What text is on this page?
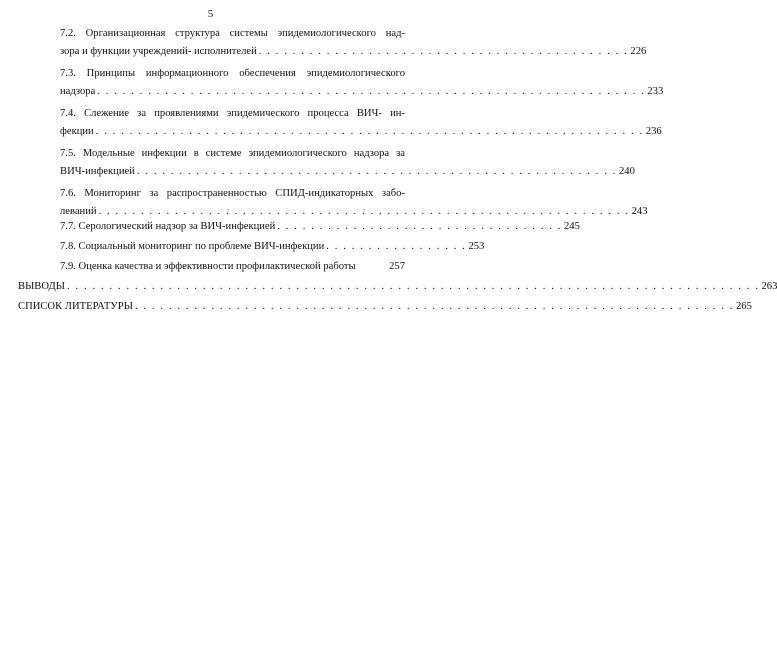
5
7.2. Организационная структура системы эпидемиологического над-
зора и функции учреждений- исполнителей . . . . . . . . . . . . . . . . . . . . . . . . . . . . . . . . . . . . . . . . . . . . 226
7.3. Принципы информационного обеспечения эпидемиологического
надзора . . . . . . . . . . . . . . . . . . . . . . . . . . . . . . . . . . . . . . . . . . . . . . . . . . . . . . . . . . . . . . . . . 233
7.4. Слежение за проявлениями эпидемического процесса ВИЧ- ин-
фекции . . . . . . . . . . . . . . . . . . . . . . . . . . . . . . . . . . . . . . . . . . . . . . . . . . . . . . . . . . . . . . . . . 236
7.5. Модельные инфекции в системе эпидемиологического надзора за
ВИЧ-инфекцией . . . . . . . . . . . . . . . . . . . . . . . . . . . . . . . . . . . . . . . . . . . . . . . . . . . . . . . . . 240
7.6. Мониторинг за распространенностью СПИД-индикаторных забо-
леваний . . . . . . . . . . . . . . . . . . . . . . . . . . . . . . . . . . . . . . . . . . . . . . . . . . . . . . . . . . . . . . . 243
7.7. Серологический надзор за ВИЧ-инфекцией . . . . . . . . . . . . . . . . . . . . . . . . . . . . . . . . . . 245
7.8. Социальный мониторинг по проблеме ВИЧ-инфекции . . . . . . . . . . . . . . . . . 253
7.9. Оценка качества и эффективности профилактической работы	257
ВЫВОДЫ . . . . . . . . . . . . . . . . . . . . . . . . . . . . . . . . . . . . . . . . . . . . . . . . . . . . . . . . . . . . . . . . . . . . . . . . . . . . . . . . . . 263
СПИСОК ЛИТЕРАТУРЫ . . . . . . . . . . . . . . . . . . . . . . . . . . . . . . . . . . . . . . . . . . . . . . . . . . . . . . . . . . . . . . . . . . . . . . . 265
